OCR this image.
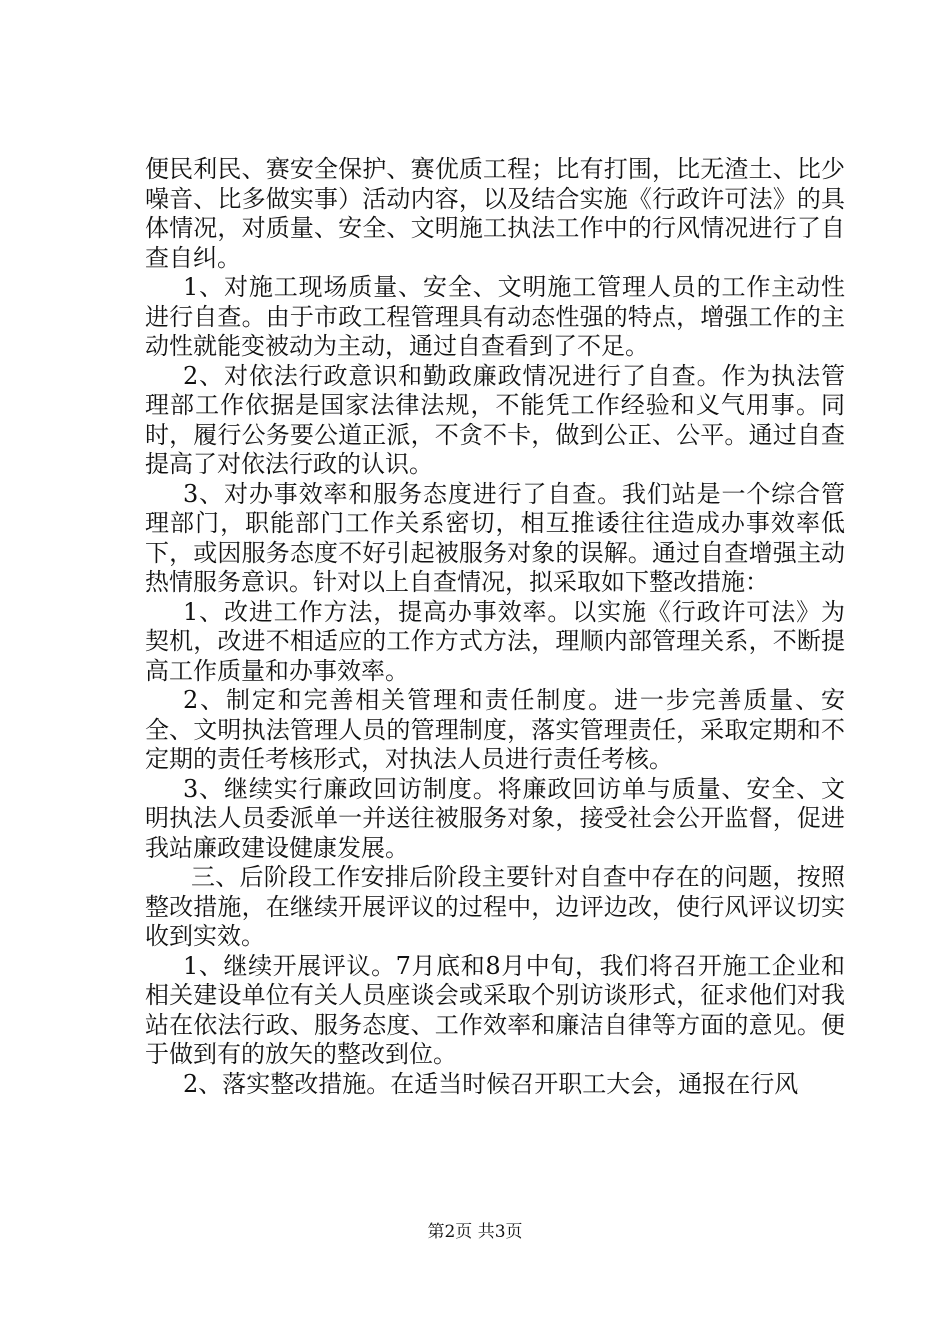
便民利民、赛安全保护、赛优质工程；比有打围，比无渣土、比少噪音、比多做实事）活动内容，以及结合实施《行政许可法》的具体情况，对质量、安全、文明施工执法工作中的行风情况进行了自查自纠。

1、对施工现场质量、安全、文明施工管理人员的工作主动性进行自查。由于市政工程管理具有动态性强的特点，增强工作的主动性就能变被动为主动，通过自查看到了不足。

2、对依法行政意识和勤政廉政情况进行了自查。作为执法管理部工作依据是国家法律法规，不能凭工作经验和义气用事。同时，履行公务要公道正派，不贪不卡，做到公正、公平。通过自查提高了对依法行政的认识。

3、对办事效率和服务态度进行了自查。我们站是一个综合管理部门，职能部门工作关系密切，相互推诿往往造成办事效率低下，或因服务态度不好引起被服务对象的误解。通过自查增强主动热情服务意识。针对以上自查情况，拟采取如下整改措施：

1、改进工作方法，提高办事效率。以实施《行政许可法》为契机，改进不相适应的工作方式方法，理顺内部管理关系，不断提高工作质量和办事效率。

2、制定和完善相关管理和责任制度。进一步完善质量、安全、文明执法管理人员的管理制度，落实管理责任，采取定期和不定期的责任考核形式，对执法人员进行责任考核。

3、继续实行廉政回访制度。将廉政回访单与质量、安全、文明执法人员委派单一并送往被服务对象，接受社会公开监督，促进我站廉政建设健康发展。

三、后阶段工作安排后阶段主要针对自查中存在的问题，按照整改措施，在继续开展评议的过程中，边评边改，使行风评议切实收到实效。

1、继续开展评议。7月底和8月中旬，我们将召开施工企业和相关建设单位有关人员座谈会或采取个别访谈形式，征求他们对我站在依法行政、服务态度、工作效率和廉洁自律等方面的意见。便于做到有的放矢的整改到位。

2、落实整改措施。在适当时候召开职工大会，通报在行风

第2页 共3页
